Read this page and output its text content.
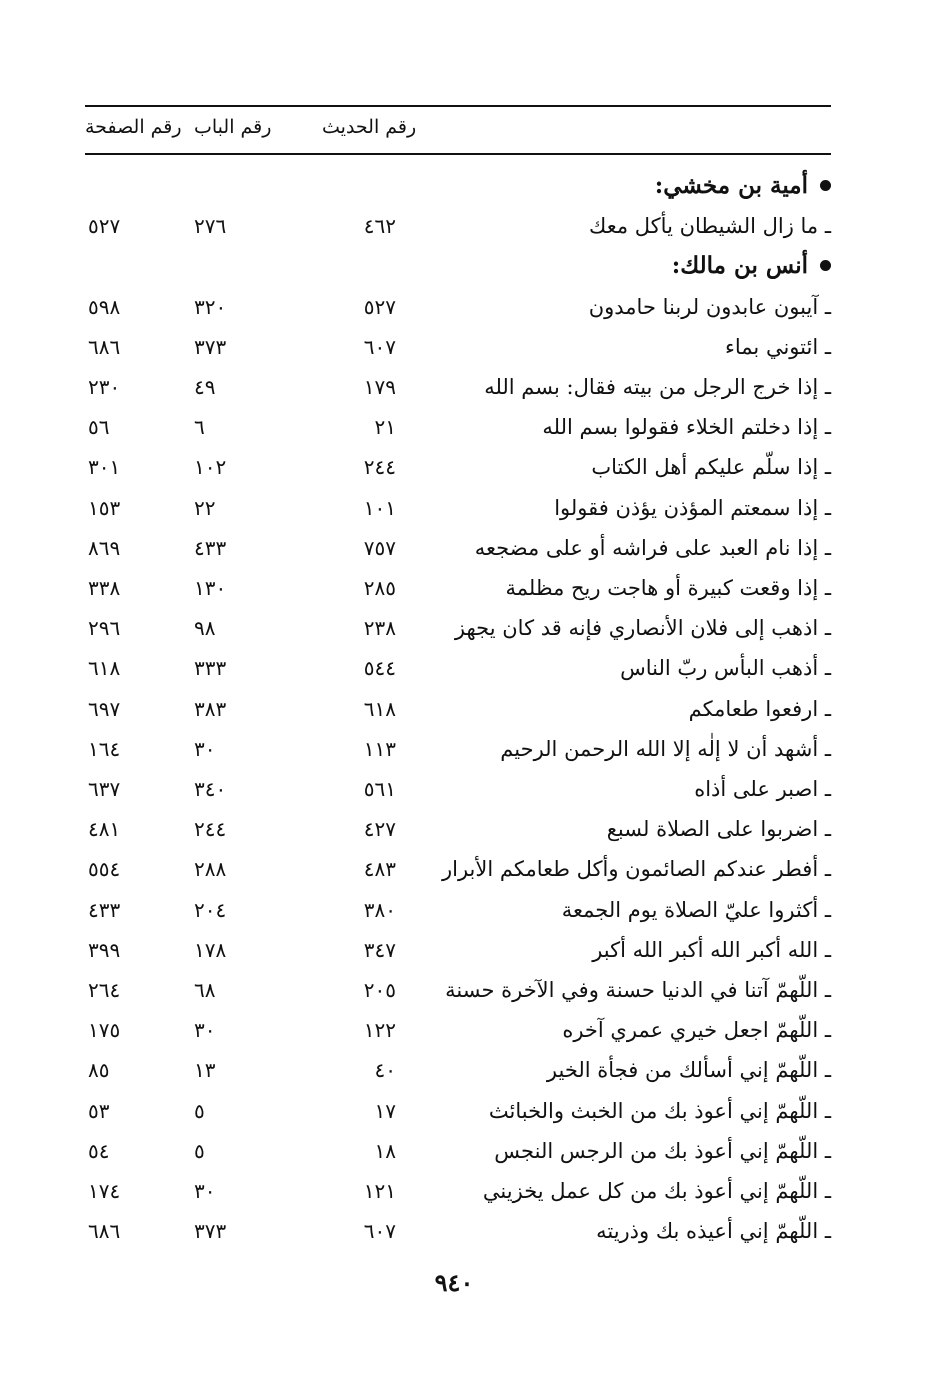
رقم الصفحة رقم الباب	رقم الحديث
أمية بن مخشي:
ـ ما زال الشيطان يأكل معك
٤٦٢
٢٧٦
٥٢٧
أنس بن مالك:
ـ آيبون عابدون لربنا حامدون
٥٢٧
٣٢٠
٥٩٨
ـ ائتوني بماء
٦٠٧
٣٧٣
٦٨٦
ـ إذا خرج الرجل من بيته فقال: بسم الله
١٧٩
٤٩
٢٣٠
ـ إذا دخلتم الخلاء فقولوا بسم الله
٢١
٦
٥٦
ـ إذا سلّم عليكم أهل الكتاب
٢٤٤
١٠٢
٣٠١
ـ إذا سمعتم المؤذن يؤذن فقولوا
١٠١
٢٢
١٥٣
ـ إذا نام العبد على فراشه أو على مضجعه
٧٥٧
٤٣٣
٨٦٩
ـ إذا وقعت كبيرة أو هاجت ريح مظلمة
٢٨٥
١٣٠
٣٣٨
ـ اذهب إلى فلان الأنصاري فإنه قد كان يجهز
٢٣٨
٩٨
٢٩٦
ـ أذهب البأس ربّ الناس
٥٤٤
٣٣٣
٦١٨
ـ ارفعوا طعامكم
٦١٨
٣٨٣
٦٩٧
ـ أشهد أن لا إلٰه إلا الله الرحمن الرحيم
١١٣
٣٠
١٦٤
ـ اصبر على أذاه
٥٦١
٣٤٠
٦٣٧
ـ اضربوا على الصلاة لسبع
٤٢٧
٢٤٤
٤٨١
ـ أفطر عندكم الصائمون وأكل طعامكم الأبرار
٤٨٣
٢٨٨
٥٥٤
ـ أكثروا عليّ الصلاة يوم الجمعة
٣٨٠
٢٠٤
٤٣٣
ـ الله أكبر الله أكبر الله أكبر
٣٤٧
١٧٨
٣٩٩
ـ اللّهمّ آتنا في الدنيا حسنة وفي الآخرة حسنة
٢٠٥
٦٨
٢٦٤
ـ اللّهمّ اجعل خيري عمري آخره
١٢٢
٣٠
١٧٥
ـ اللّهمّ إني أسألك من فجأة الخير
٤٠
١٣
٨٥
ـ اللّهمّ إني أعوذ بك من الخبث والخبائث
١٧
٥
٥٣
ـ اللّهمّ إني أعوذ بك من الرجس النجس
١٨
٥
٥٤
ـ اللّهمّ إني أعوذ بك من كل عمل يخزيني
١٢١
٣٠
١٧٤
ـ اللّهمّ إني أعيذه بك وذريته
٦٠٧
٣٧٣
٦٨٦
٩٤٠
